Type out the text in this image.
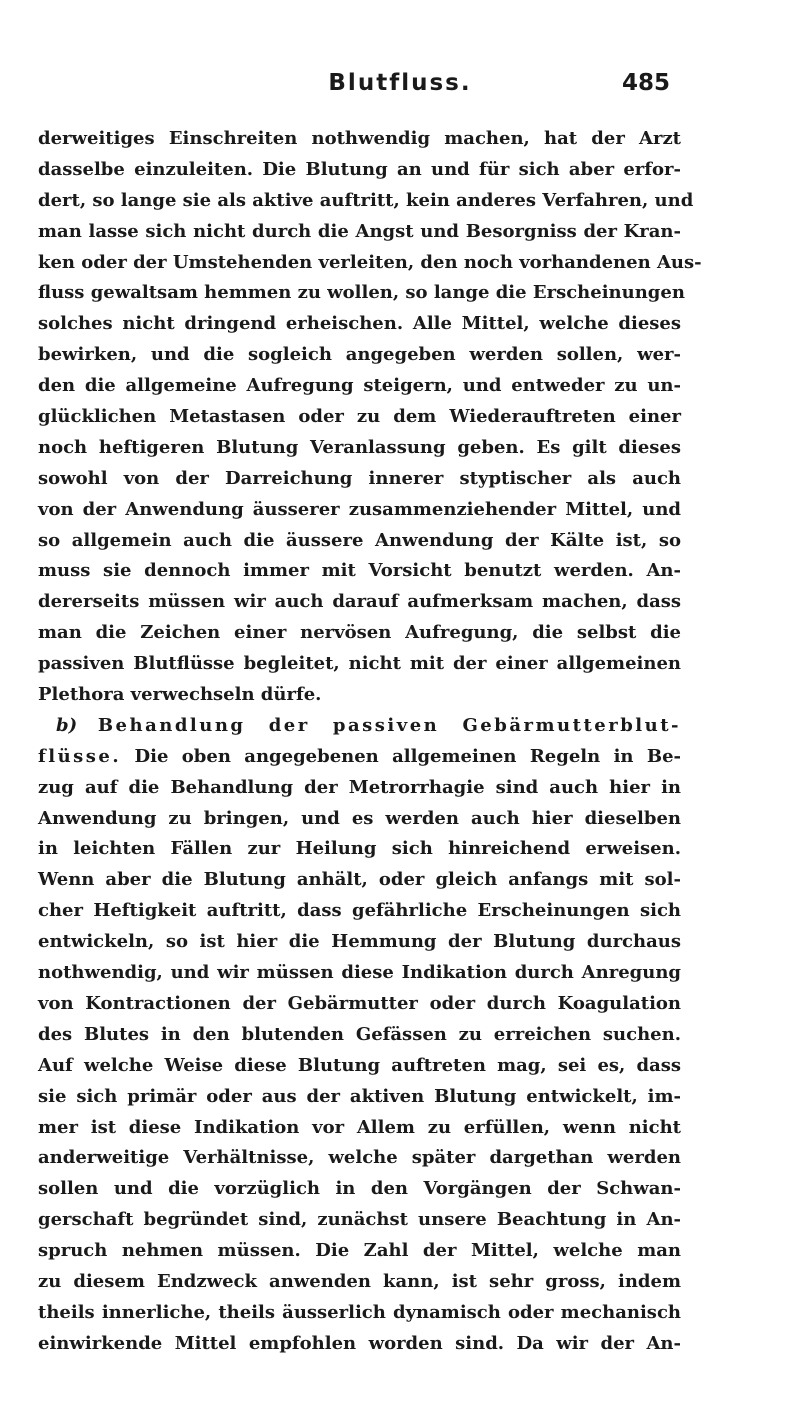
Blutfluss.	485
derweitiges Einschreiten nothwendig machen, hat der Arzt
dasselbe einzuleiten. Die Blutung an und für sich aber erfor-
dert, so lange sie als aktive auftritt, kein anderes Verfahren, und
man lasse sich nicht durch die Angst und Besorgniss der Kran-
ken oder der Umstehenden verleiten, den noch vorhandenen Aus-
fluss gewaltsam hemmen zu wollen, so lange die Erscheinungen
solches nicht dringend erheischen. Alle Mittel, welche dieses
bewirken, und die sogleich angegeben werden sollen, wer-
den die allgemeine Aufregung steigern, und entweder zu un-
glücklichen Metastasen oder zu dem Wiederauftreten einer
noch heftigeren Blutung Veranlassung geben. Es gilt dieses
sowohl von der Darreichung innerer styptischer als auch
von der Anwendung äusserer zusammenziehender Mittel, und
so allgemein auch die äussere Anwendung der Kälte ist, so
muss sie dennoch immer mit Vorsicht benutzt werden. An-
dererseits müssen wir auch darauf aufmerksam machen, dass
man die Zeichen einer nervösen Aufregung, die selbst die
passiven Blutflüsse begleitet, nicht mit der einer allgemeinen
Plethora verwechseln dürfe.
b) Behandlung der passiven Gebärmutterblut-
flüsse. Die oben angegebenen allgemeinen Regeln in Be-
zug auf die Behandlung der Metrorrhagie sind auch hier in
Anwendung zu bringen, und es werden auch hier dieselben
in leichten Fällen zur Heilung sich hinreichend erweisen.
Wenn aber die Blutung anhält, oder gleich anfangs mit sol-
cher Heftigkeit auftritt, dass gefährliche Erscheinungen sich
entwickeln, so ist hier die Hemmung der Blutung durchaus
nothwendig, und wir müssen diese Indikation durch Anregung
von Kontractionen der Gebärmutter oder durch Koagulation
des Blutes in den blutenden Gefässen zu erreichen suchen.
Auf welche Weise diese Blutung auftreten mag, sei es, dass
sie sich primär oder aus der aktiven Blutung entwickelt, im-
mer ist diese Indikation vor Allem zu erfüllen, wenn nicht
anderweitige Verhältnisse, welche später dargethan werden
sollen und die vorzüglich in den Vorgängen der Schwan-
gerschaft begründet sind, zunächst unsere Beachtung in An-
spruch nehmen müssen. Die Zahl der Mittel, welche man
zu diesem Endzweck anwenden kann, ist sehr gross, indem
theils innerliche, theils äusserlich dynamisch oder mechanisch
einwirkende Mittel empfohlen worden sind. Da wir der An-
